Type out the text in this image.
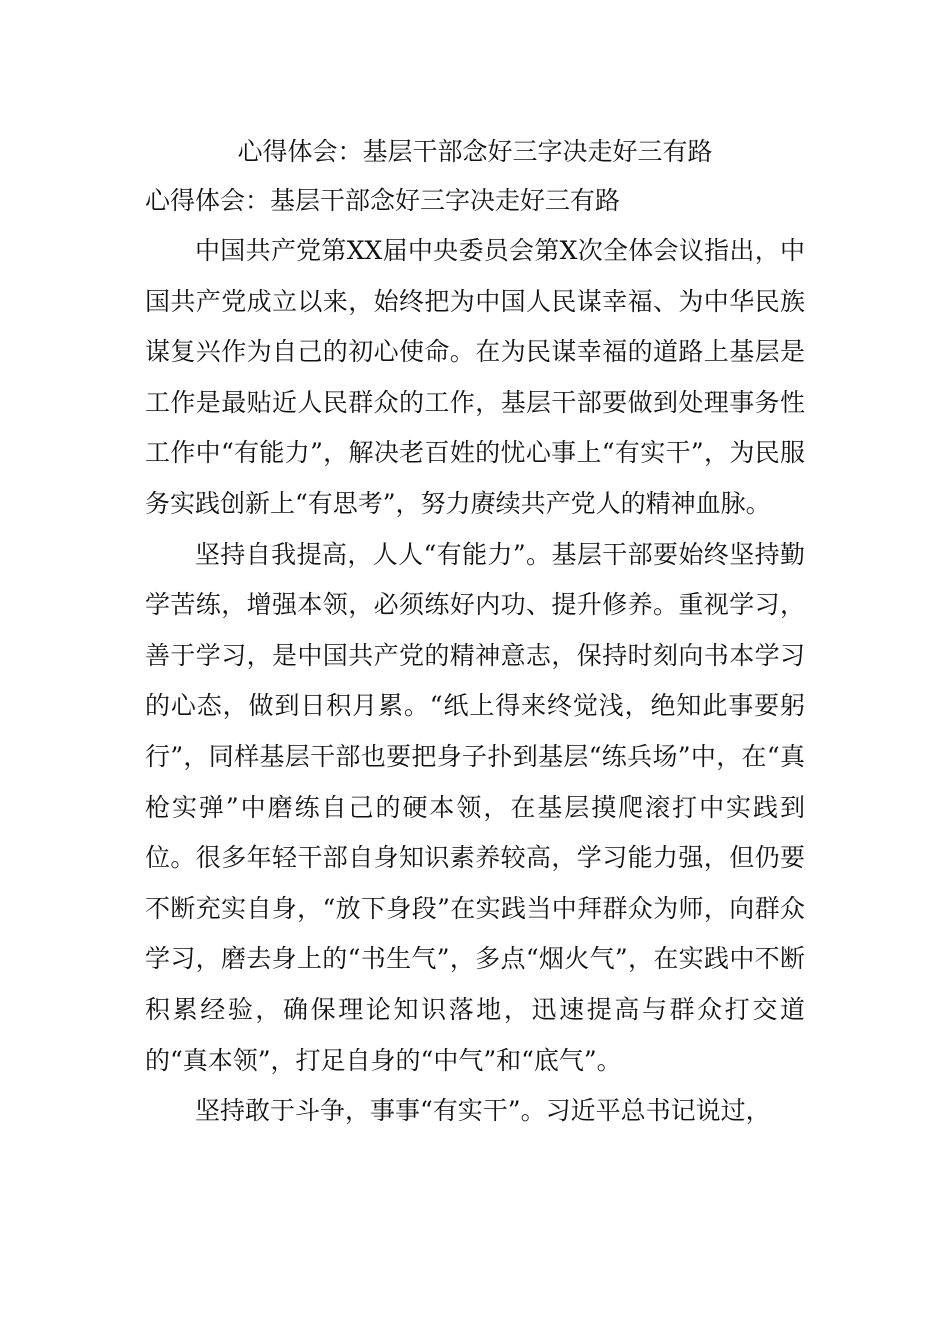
心得体会：基层干部念好三字决走好三有路
心得体会：基层干部念好三字决走好三有路

中国共产党第XX届中央委员会第X次全体会议指出，中国共产党成立以来，始终把为中国人民谋幸福、为中华民族谋复兴作为自己的初心使命。在为民谋幸福的道路上基层是工作是最贴近人民群众的工作，基层干部要做到处理事务性工作中“有能力”，解决老百姓的忧心事上“有实干”，为民服务实践创新上“有思考”，努力赓续共产党人的精神血脉。

坚持自我提高，人人“有能力”。基层干部要始终坚持勤学苦练，增强本领，必须练好内功、提升修养。重视学习，善于学习，是中国共产党的精神意志，保持时刻向书本学习的心态，做到日积月累。“纸上得来终觉浅，绝知此事要躬行”，同样基层干部也要把身子扑到基层“练兵场”中，在“真枪实弹”中磨练自己的硬本领，在基层摸爬滚打中实践到位。很多年轻干部自身知识素养较高，学习能力强，但仍要不断充实自身，“放下身段”在实践当中拜群众为师，向群众学习，磨去身上的“书生气”，多点“烟火气”，在实践中不断积累经验，确保理论知识落地，迅速提高与群众打交道的“真本领”，打足自身的“中气”和“底气”。

坚持敢于斗争，事事“有实干”。习近平总书记说过，
